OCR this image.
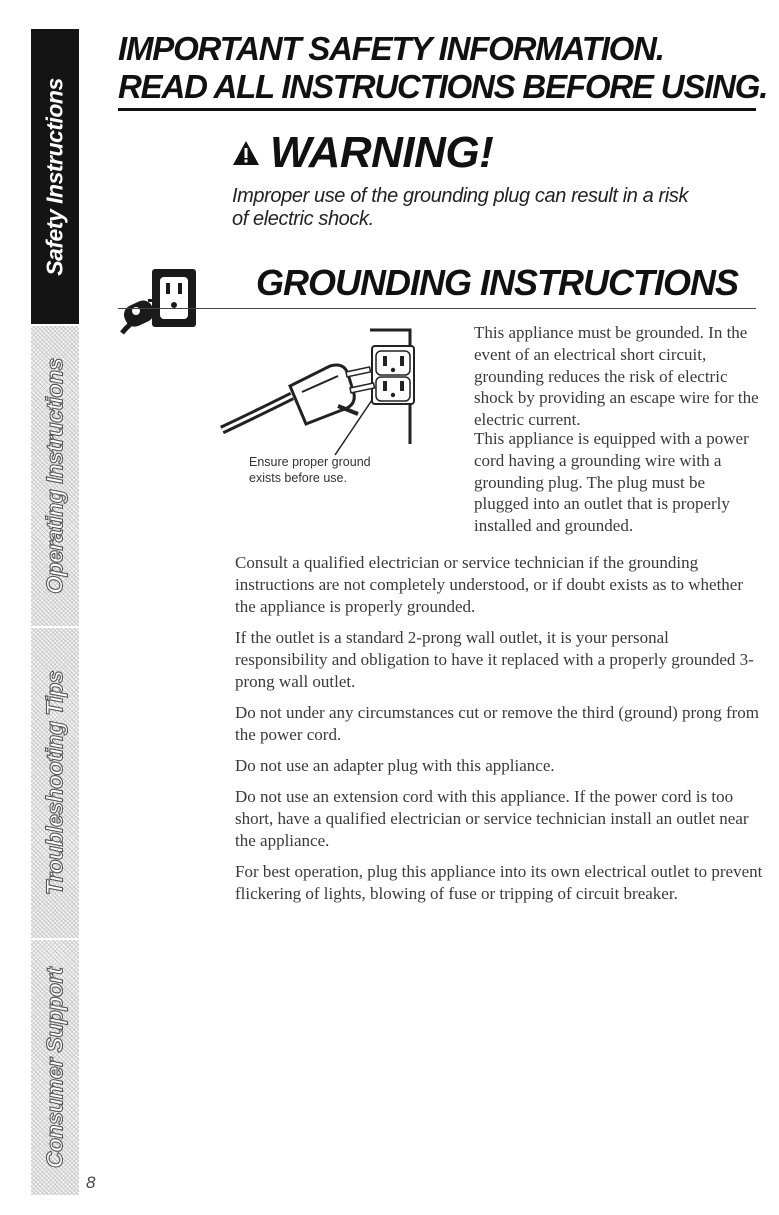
Safety Instructions
Operating Instructions
Troubleshooting Tips
Consumer Support
8
IMPORTANT SAFETY INFORMATION.
READ ALL INSTRUCTIONS BEFORE USING.
WARNING!

Improper use of the grounding plug can result in a risk of electric shock.

GROUNDING INSTRUCTIONS
Ensure proper ground exists before use.

This appliance must be grounded. In the event of an electrical short circuit, grounding reduces the risk of electric shock by providing an escape wire for the electric current.

This appliance is equipped with a power cord having a grounding wire with a grounding plug. The plug must be plugged into an outlet that is properly installed and grounded.

Consult a qualified electrician or service technician if the grounding instructions are not completely understood, or if doubt exists as to whether the appliance is properly grounded.

If the outlet is a standard 2-prong wall outlet, it is your personal responsibility and obligation to have it replaced with a properly grounded 3-prong wall outlet.

Do not under any circumstances cut or remove the third (ground) prong from the power cord.

Do not use an adapter plug with this appliance.

Do not use an extension cord with this appliance. If the power cord is too short, have a qualified electrician or service technician install an outlet near the appliance.

For best operation, plug this appliance into its own electrical outlet to prevent flickering of lights, blowing of fuse or tripping of circuit breaker.
